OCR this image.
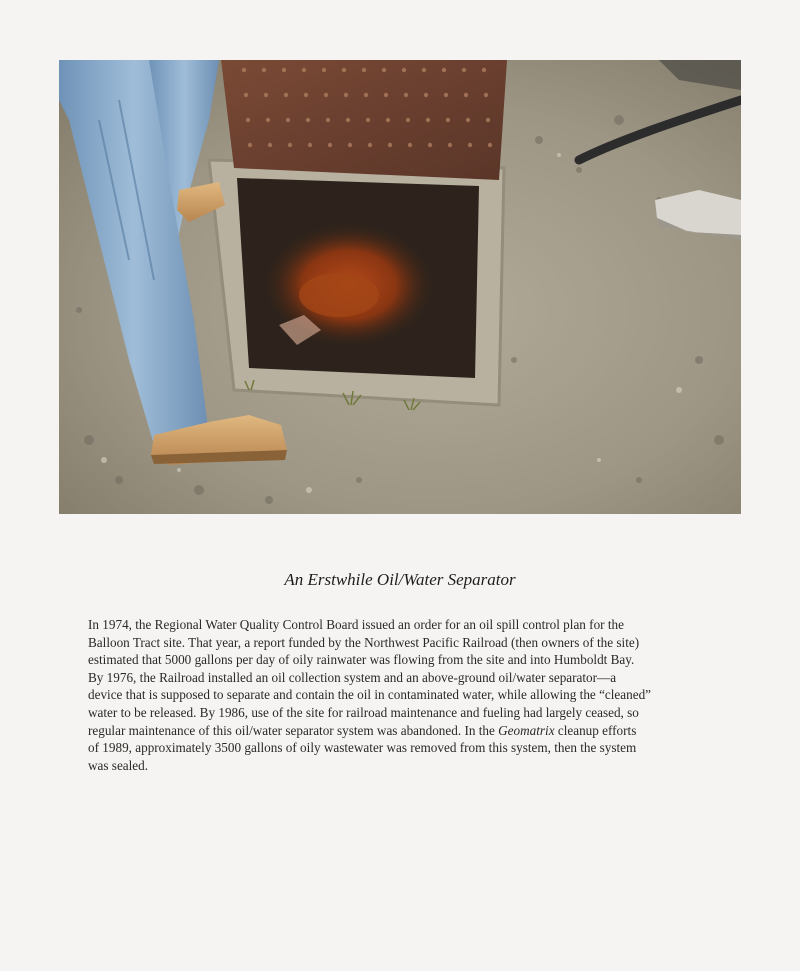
An Erstwhile Oil/Water Separator

In 1974, the Regional Water Quality Control Board issued an order for an oil spill control plan for the

Balloon Tract site. That year, a report funded by the Northwest Pacific Railroad (then owners of the site)

estimated that 5000 gallons per day of oily rainwater was flowing from the site and into Humboldt Bay.

By 1976, the Railroad installed an oil collection system and an above-ground oil/water separator—a

device that is supposed to separate and contain the oil in contaminated water, while allowing the “cleaned”

water to be released. By 1986, use of the site for railroad maintenance and fueling had largely ceased, so

regular maintenance of this oil/water separator system was abandoned. In the Geomatrix cleanup efforts

of 1989, approximately 3500 gallons of oily wastewater was removed from this system, then the system

was sealed.
